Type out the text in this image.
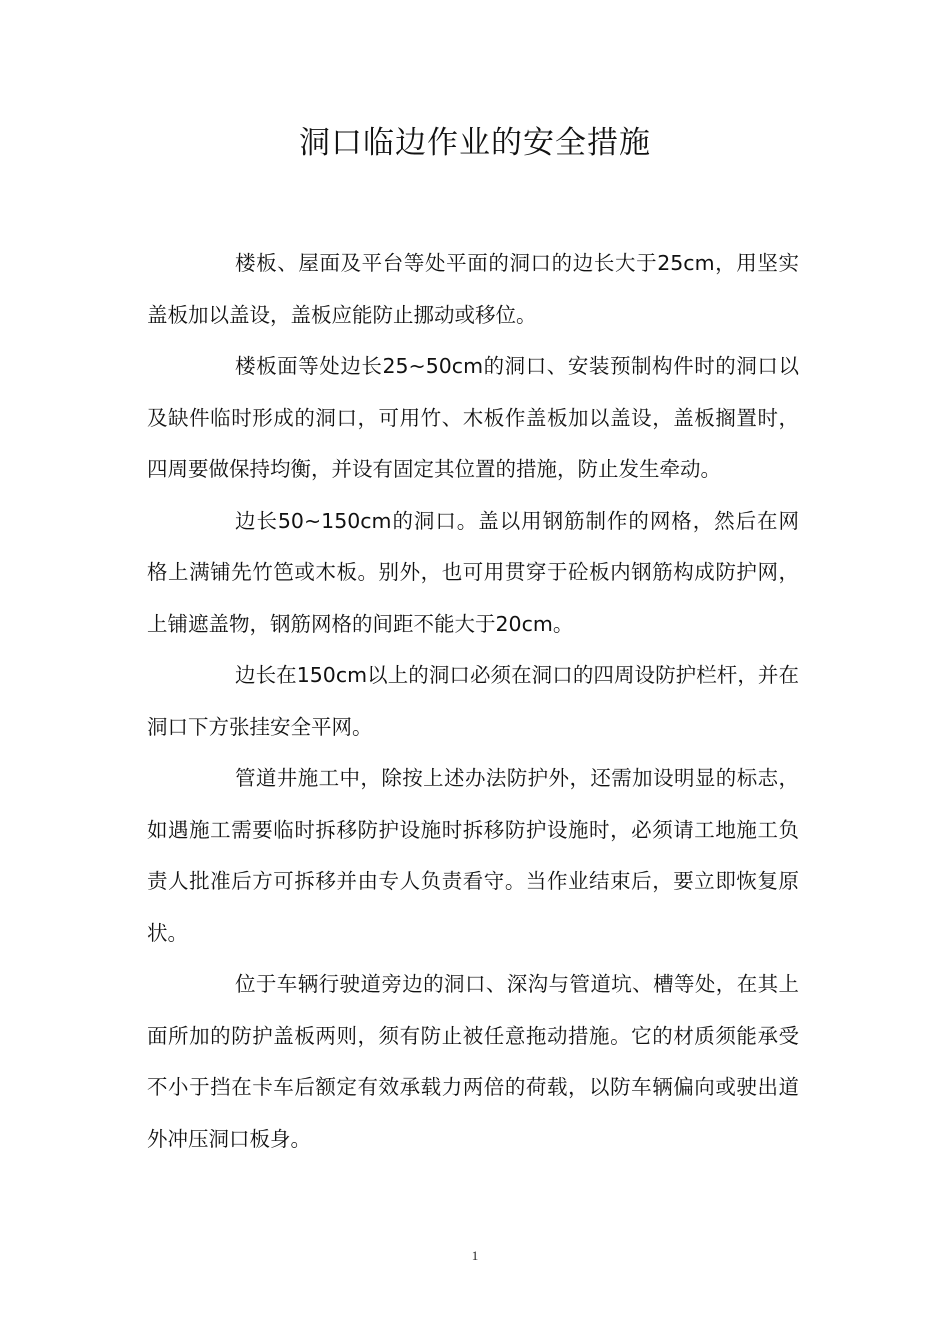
洞口临边作业的安全措施

楼板、屋面及平台等处平面的洞口的边长大于25cm，用坚实盖板加以盖设，盖板应能防止挪动或移位。

楼板面等处边长25~50cm的洞口、安装预制构件时的洞口以及缺件临时形成的洞口，可用竹、木板作盖板加以盖设，盖板搁置时，四周要做保持均衡，并设有固定其位置的措施，防止发生牵动。

边长50~150cm的洞口。盖以用钢筋制作的网格，然后在网格上满铺先竹笆或木板。别外，也可用贯穿于砼板内钢筋构成防护网，上铺遮盖物，钢筋网格的间距不能大于20cm。

边长在150cm以上的洞口必须在洞口的四周设防护栏杆，并在洞口下方张挂安全平网。

管道井施工中，除按上述办法防护外，还需加设明显的标志，如遇施工需要临时拆移防护设施时拆移防护设施时，必须请工地施工负责人批准后方可拆移并由专人负责看守。当作业结束后，要立即恢复原状。

位于车辆行驶道旁边的洞口、深沟与管道坑、槽等处，在其上面所加的防护盖板两则，须有防止被任意拖动措施。它的材质须能承受不小于挡在卡车后额定有效承载力两倍的荷载，以防车辆偏向或驶出道外冲压洞口板身。

1
